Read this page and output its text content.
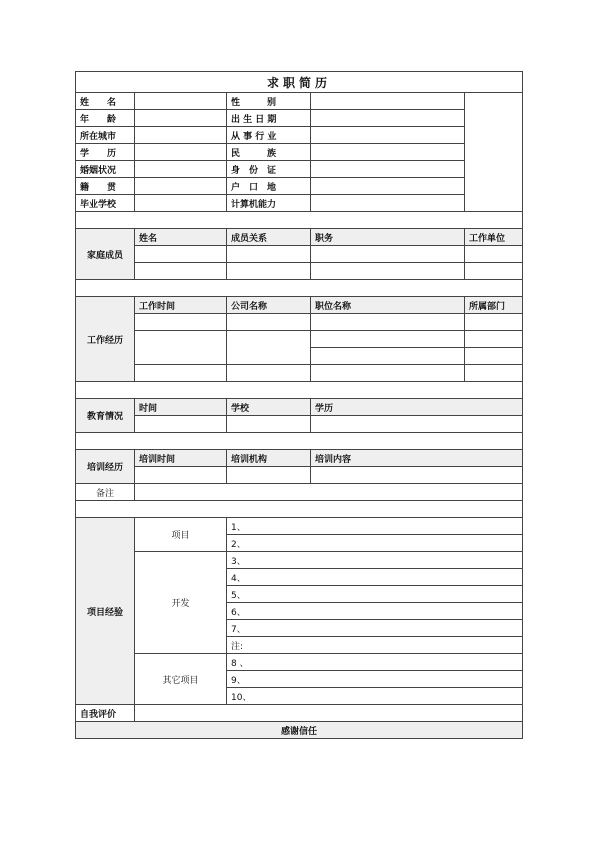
求职简历				
姓　　名		性　　　别		
年　　龄		出 生 日 期		
所在城市		从 事 行 业		
学　　历		民　　　族		
婚姻状况		身　份　证		
籍　　贯		户　口　地		
毕业学校		计算机能力		

家庭成员	姓名	成员关系	职务	工作单位

工作经历	工作时间	公司名称	职位名称	所属部门

教育情况	时间	学校	学历	

培训经历	培训时间	培训机构	培训内容	

备注				

项目经验	项目	1、		
		2、		
	开发	3、		
		4、		
		5、		
		6、		
		7、		
		注:		
	其它项目	8 、		
		9、		
		10、		
自我评价				
感谢信任				
